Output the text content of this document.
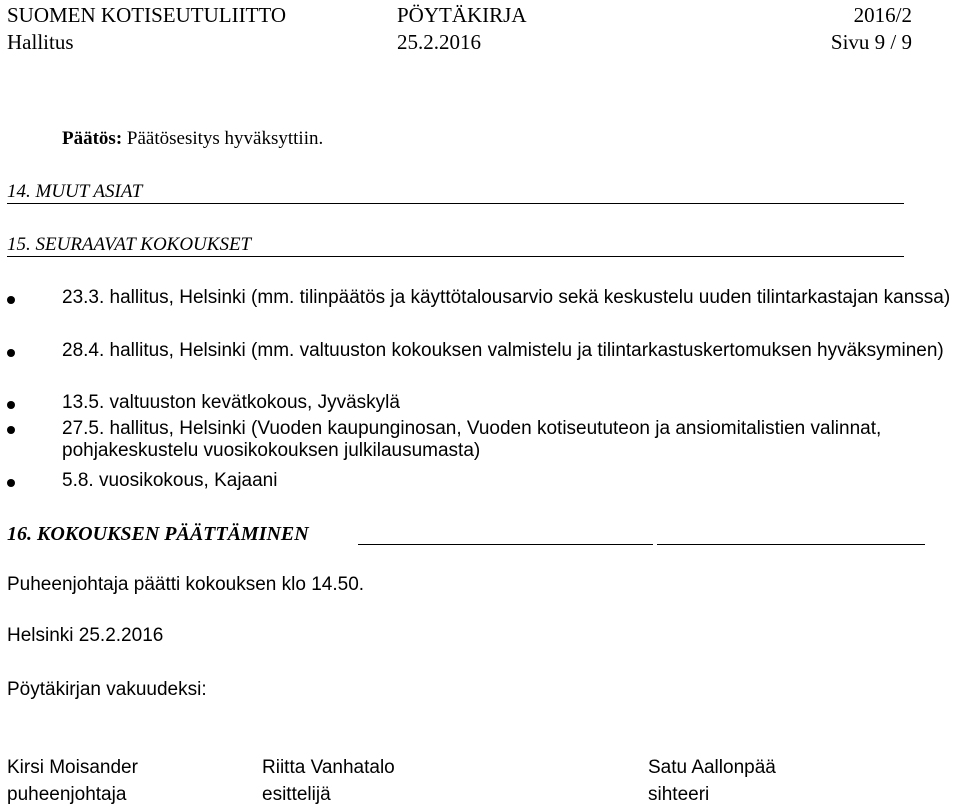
SUOMEN KOTISEUTULIITTO	PÖYTÄKIRJA	2016/2
Hallitus	25.2.2016	Sivu 9 / 9
Päätös: Päätösesitys hyväksyttiin.
14. MUUT ASIAT
15. SEURAAVAT KOKOUKSET
23.3. hallitus, Helsinki (mm. tilinpäätös ja käyttötalousarvio sekä keskustelu uuden tilintarkastajan kanssa)
28.4. hallitus, Helsinki (mm. valtuuston kokouksen valmistelu ja tilintarkastuskertomuksen hyväksyminen)
13.5. valtuuston kevätkokous, Jyväskylä
27.5. hallitus, Helsinki (Vuoden kaupunginosan, Vuoden kotiseututeon ja ansiomitalistien valinnat, pohjakeskustelu vuosikokouksen julkilausumasta)
5.8. vuosikokous, Kajaani
16. KOKOUKSEN PÄÄTTÄMINEN
Puheenjohtaja päätti kokouksen klo 14.50.
Helsinki 25.2.2016
Pöytäkirjan vakuudeksi:
Kirsi Moisander	Riitta Vanhatalo	Satu Aallonpää
puheenjohtaja	esittelijä	sihteeri
